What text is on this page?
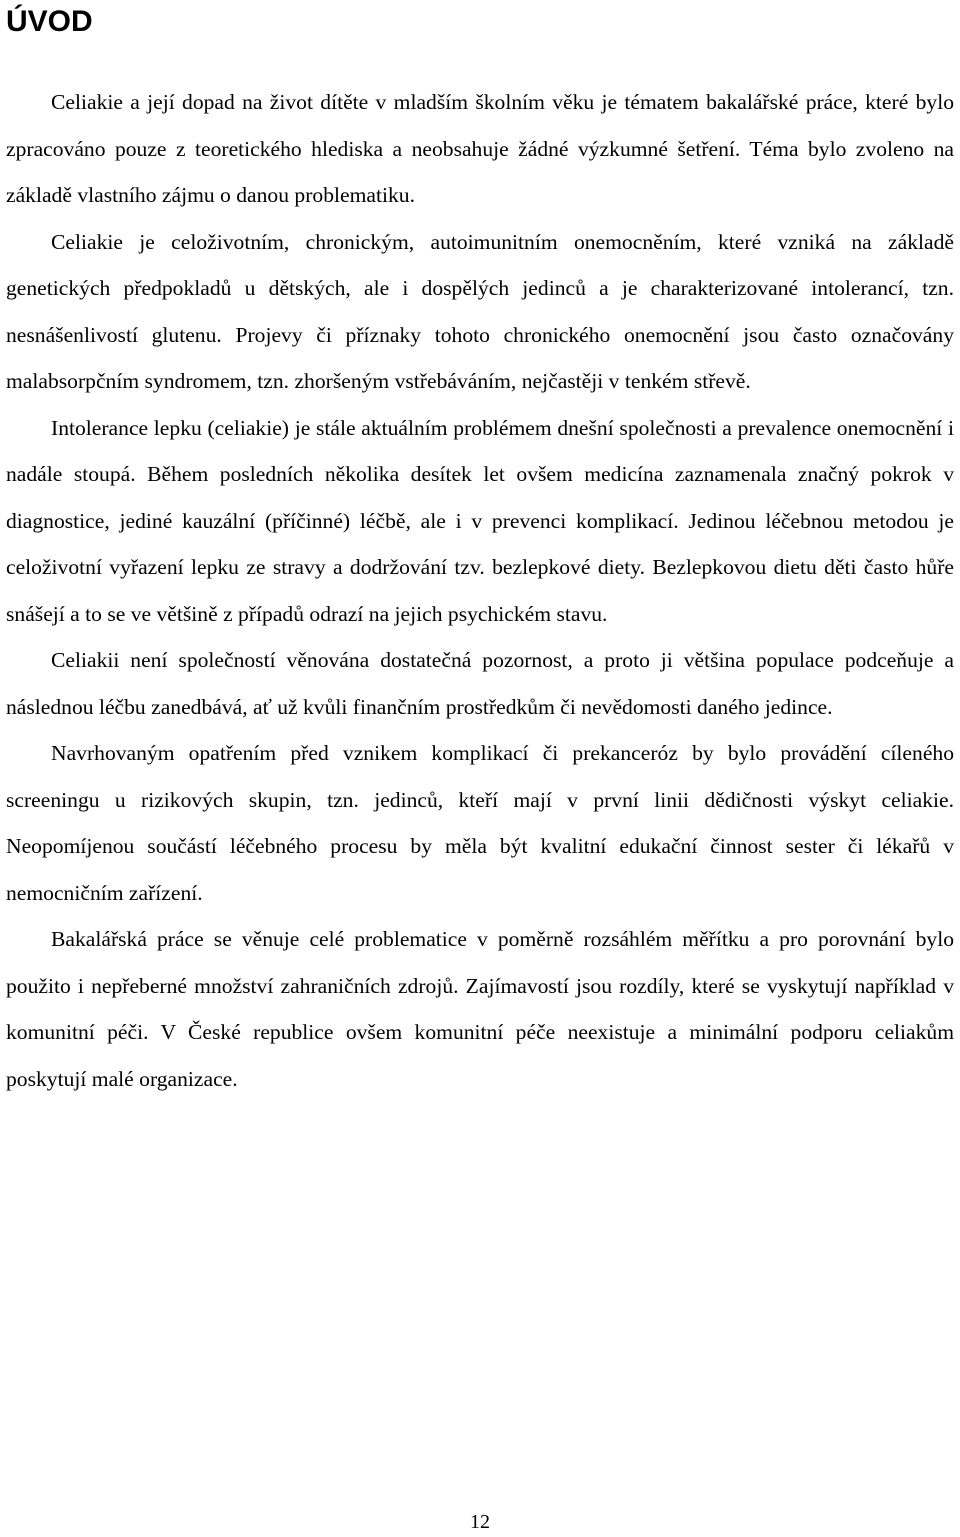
ÚVOD

Celiakie a její dopad na život dítěte v mladším školním věku je tématem bakalářské práce, které bylo zpracováno pouze z teoretického hlediska a neobsahuje žádné výzkumné šetření. Téma bylo zvoleno na základě vlastního zájmu o danou problematiku.

Celiakie je celoživotním, chronickým, autoimunitním onemocněním, které vzniká na základě genetických předpokladů u dětských, ale i dospělých jedinců a je charakterizované intolerancí, tzn. nesnášenlivostí glutenu. Projevy či příznaky tohoto chronického onemocnění jsou často označovány malabsorpčním syndromem, tzn. zhoršeným vstřebáváním, nejčastěji v tenkém střevě.

Intolerance lepku (celiakie) je stále aktuálním problémem dnešní společnosti a prevalence onemocnění i nadále stoupá. Během posledních několika desítek let ovšem medicína zaznamenala značný pokrok v diagnostice, jediné kauzální (příčinné) léčbě, ale i v prevenci komplikací. Jedinou léčebnou metodou je celoživotní vyřazení lepku ze stravy a dodržování tzv. bezlepkové diety. Bezlepkovou dietu děti často hůře snášejí a to se ve většině z případů odrazí na jejich psychickém stavu.

Celiakii není společností věnována dostatečná pozornost, a proto ji většina populace podceňuje a následnou léčbu zanedbává, ať už kvůli finančním prostředkům či nevědomosti daného jedince.

Navrhovaným opatřením před vznikem komplikací či prekanceróz by bylo provádění cíleného screeningu u rizikových skupin, tzn. jedinců, kteří mají v první linii dědičnosti výskyt celiakie. Neopomíjenou součástí léčebného procesu by měla být kvalitní edukační činnost sester či lékařů v nemocničním zařízení.

Bakalářská práce se věnuje celé problematice v poměrně rozsáhlém měřítku a pro porovnání bylo použito i nepřeberné množství zahraničních zdrojů. Zajímavostí jsou rozdíly, které se vyskytují například v komunitní péči. V České republice ovšem komunitní péče neexistuje a minimální podporu celiakům poskytují malé organizace.

12
